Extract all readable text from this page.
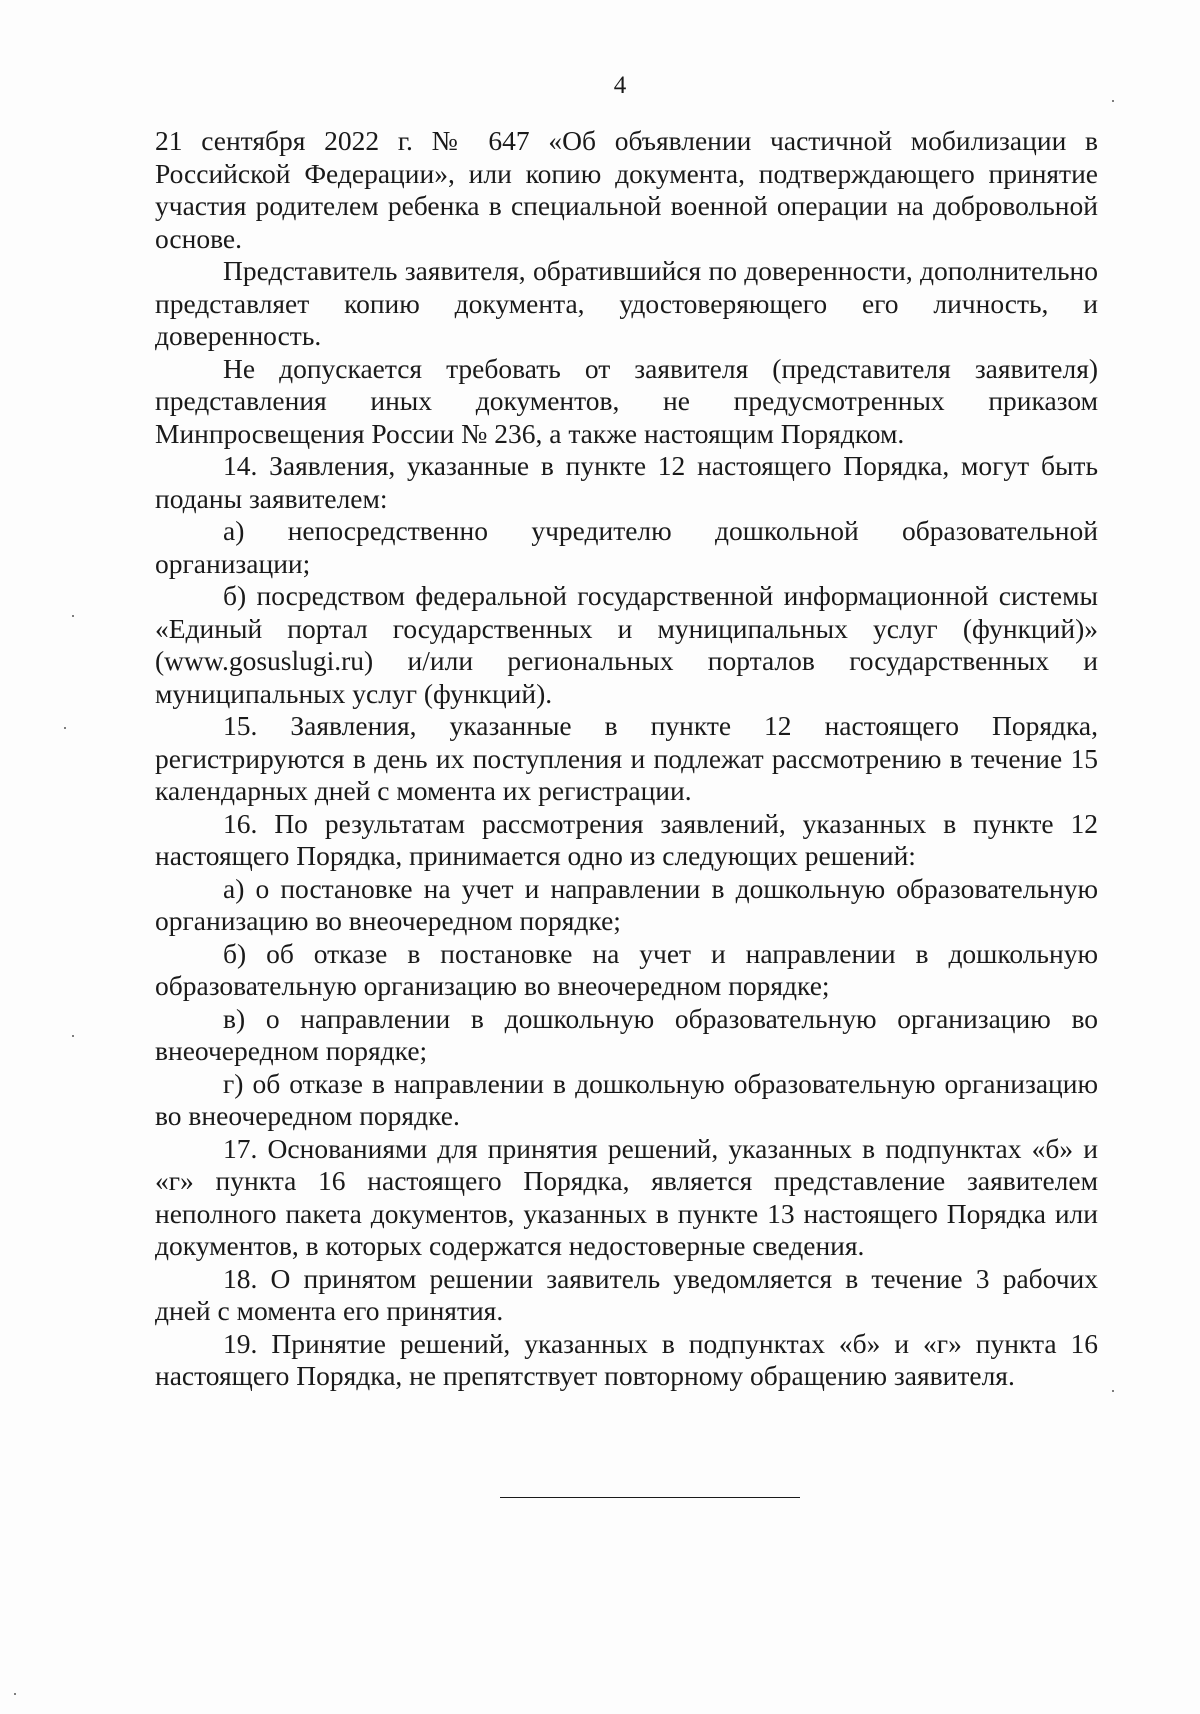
4

21 сентября 2022 г. № 647 «Об объявлении частичной мобилизации в Российской Федерации», или копию документа, подтверждающего принятие участия родителем ребенка в специальной военной операции на добровольной основе.

Представитель заявителя, обратившийся по доверенности, дополнительно представляет копию документа, удостоверяющего его личность, и доверенность.

Не допускается требовать от заявителя (представителя заявителя) представления иных документов, не предусмотренных приказом Минпросвещения России № 236, а также настоящим Порядком.

14. Заявления, указанные в пункте 12 настоящего Порядка, могут быть поданы заявителем:

а) непосредственно учредителю дошкольной образовательной организации;

б) посредством федеральной государственной информационной системы «Единый портал государственных и муниципальных услуг (функций)» (www.gosuslugi.ru) и/или региональных порталов государственных и муниципальных услуг (функций).

15. Заявления, указанные в пункте 12 настоящего Порядка, регистрируются в день их поступления и подлежат рассмотрению в течение 15 календарных дней с момента их регистрации.

16. По результатам рассмотрения заявлений, указанных в пункте 12 настоящего Порядка, принимается одно из следующих решений:

а) о постановке на учет и направлении в дошкольную образовательную организацию во внеочередном порядке;

б) об отказе в постановке на учет и направлении в дошкольную образовательную организацию во внеочередном порядке;

в) о направлении в дошкольную образовательную организацию во внеочередном порядке;

г) об отказе в направлении в дошкольную образовательную организацию во внеочередном порядке.

17. Основаниями для принятия решений, указанных в подпунктах «б» и «г» пункта 16 настоящего Порядка, является представление заявителем неполного пакета документов, указанных в пункте 13 настоящего Порядка или документов, в которых содержатся недостоверные сведения.

18. О принятом решении заявитель уведомляется в течение 3 рабочих дней с момента его принятия.

19. Принятие решений, указанных в подпунктах «б» и «г» пункта 16 настоящего Порядка, не препятствует повторному обращению заявителя.
